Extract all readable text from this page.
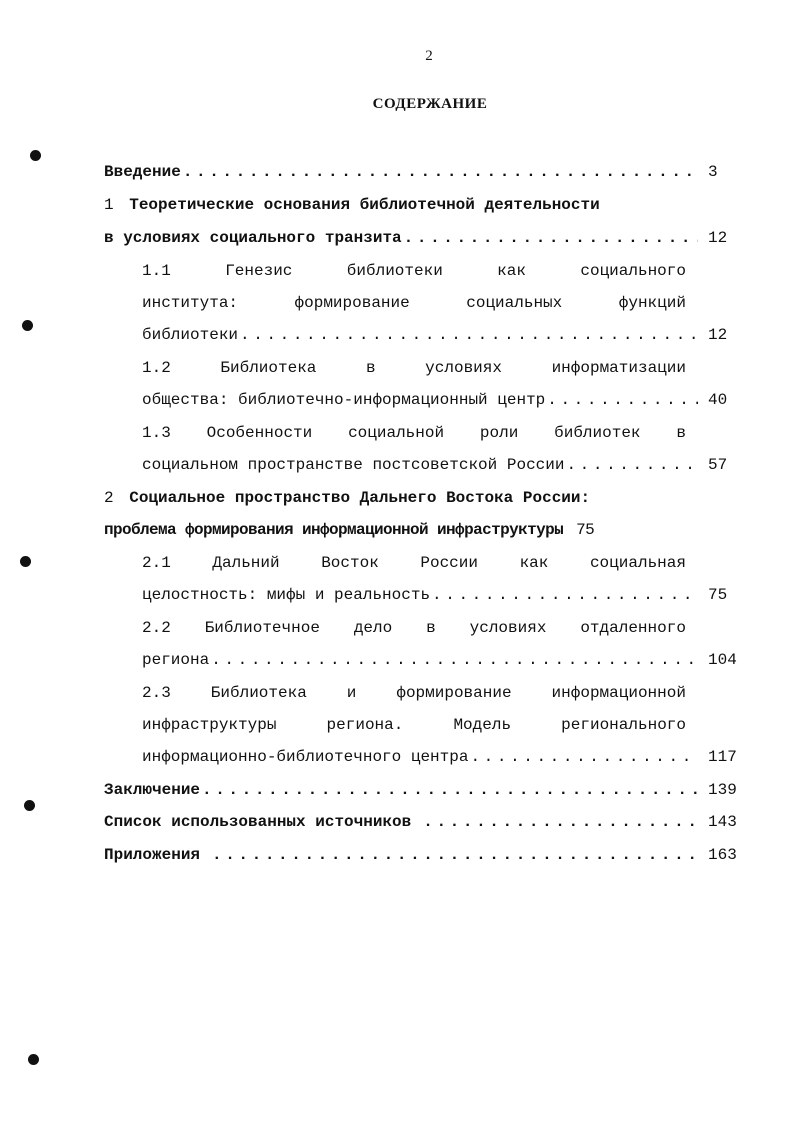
2
СОДЕРЖАНИЕ
Введение . . .	3
1 Теоретические основания библиотечной деятельности
в условиях социального транзита . . .	12
1.1	Генезис	библиотеки	как	социального
института:	формирование	социальных	функций
библиотеки . . .	12
1.2	Библиотека	в	условиях	информатизации
общества: библиотечно-информационный центр . . .	40
1.3 Особенности социальной роли библиотек в
социальном пространстве постсоветской России . . .	57
2 Социальное пространство Дальнего Востока России:
проблема формирования информационной инфраструктуры 75
2.1	Дальний	Восток	России	как	социальная
целостность: мифы и реальность . . .	75
2.2 Библиотечное дело в условиях отдаленного
региона . . .	104
2.3 Библиотека и формирование информационной
инфраструктуры	региона.	Модель	регионального
информационно-библиотечного центра . . .	117
Заключение . . .	139
Список использованных источников . . .	143
Приложения . . .	163
